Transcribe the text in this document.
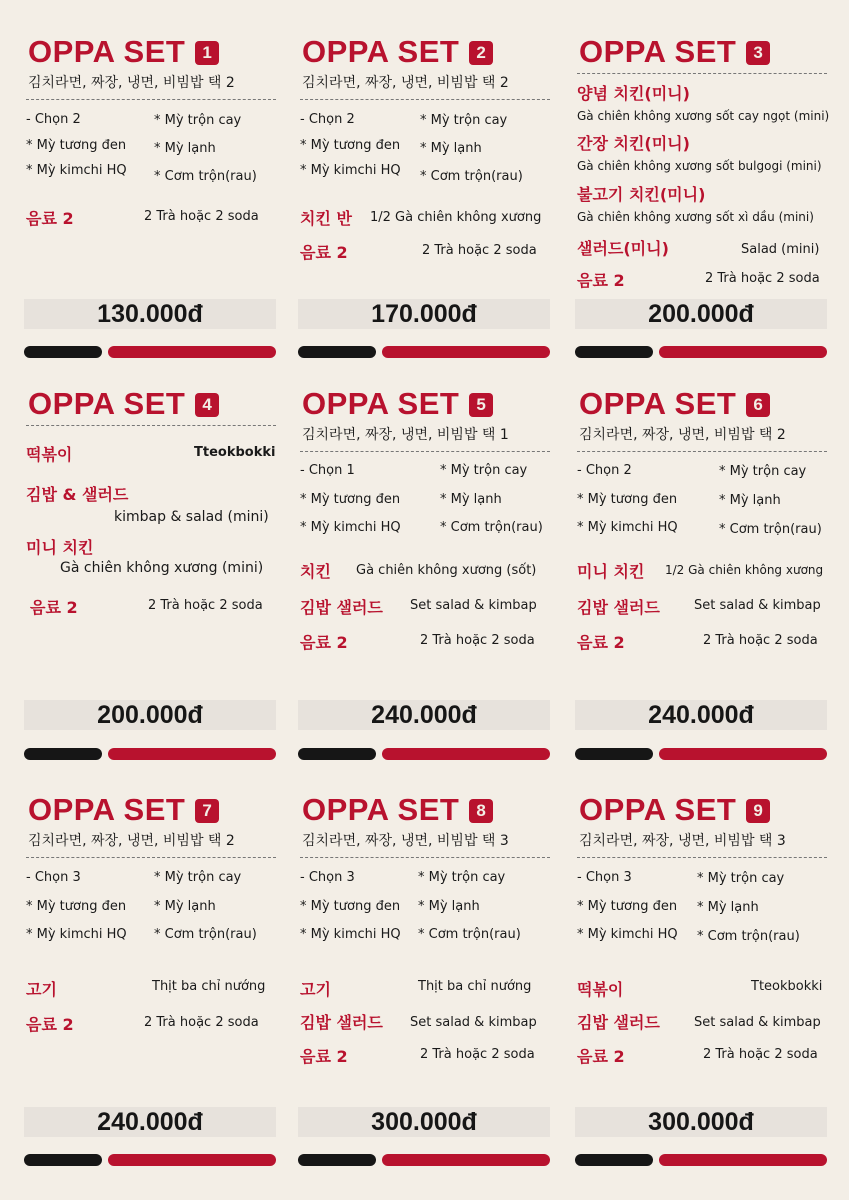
OPPA SET 1
김치라면, 짜장, 냉면, 비빔밥 택 2
- Chọn 2
* Mỳ tương đen
* Mỳ kimchi HQ
* Mỳ trộn cay
* Mỳ lạnh
* Cơm trộn(rau)
음료 2	2 Trà hoặc 2 soda
130.000đ
OPPA SET 2
김치라면, 짜장, 냉면, 비빔밥 택 2
- Chọn 2
* Mỳ tương đen
* Mỳ kimchi HQ
* Mỳ trộn cay
* Mỳ lạnh
* Cơm trộn(rau)
치킨 반 1/2 Gà chiên không xương
음료 2	2 Trà hoặc 2 soda
170.000đ
OPPA SET 3
양념 치킨(미니)
Gà chiên không xương sốt cay ngọt (mini)
간장 치킨(미니)
Gà chiên không xương sốt bulgogi (mini)
불고기 치킨(미니)
Gà chiên không xương sốt xì dầu (mini)
샐러드(미니)	Salad (mini)
음료 2	2 Trà hoặc 2 soda
200.000đ
OPPA SET 4
떡볶이	Tteokbokki
김밥 & 샐러드
kimbap & salad (mini)
미니 치킨
Gà chiên không xương (mini)
음료 2	2 Trà hoặc 2 soda
200.000đ
OPPA SET 5
김치라면, 짜장, 냉면, 비빔밥 택 1
- Chọn 1
* Mỳ tương đen
* Mỳ kimchi HQ
* Mỳ trộn cay
* Mỳ lạnh
* Cơm trộn(rau)
치킨 Gà chiên không xương (sốt)
김밥 샐러드 Set salad & kimbap
음료 2	2 Trà hoặc 2 soda
240.000đ
OPPA SET 6
김치라면, 짜장, 냉면, 비빔밥 택 2
- Chọn 2
* Mỳ tương đen
* Mỳ kimchi HQ
* Mỳ trộn cay
* Mỳ lạnh
* Cơm trộn(rau)
미니 치킨 1/2 Gà chiên không xương
김밥 샐러드	Set salad & kimbap
음료 2	2 Trà hoặc 2 soda
240.000đ
OPPA SET 7
김치라면, 짜장, 냉면, 비빔밥 택 2
- Chọn 3
* Mỳ tương đen
* Mỳ kimchi HQ
* Mỳ trộn cay
* Mỳ lạnh
* Cơm trộn(rau)
고기	Thịt ba chỉ nướng
음료 2	2 Trà hoặc 2 soda
240.000đ
OPPA SET 8
김치라면, 짜장, 냉면, 비빔밥 택 3
- Chọn 3
* Mỳ tương đen
* Mỳ kimchi HQ
* Mỳ trộn cay
* Mỳ lạnh
* Cơm trộn(rau)
고기	Thịt ba chỉ nướng
김밥 샐러드 Set salad & kimbap
음료 2	2 Trà hoặc 2 soda
300.000đ
OPPA SET 9
김치라면, 짜장, 냉면, 비빔밥 택 3
- Chọn 3
* Mỳ tương đen
* Mỳ kimchi HQ
* Mỳ trộn cay
* Mỳ lạnh
* Cơm trộn(rau)
떡볶이	Tteokbokki
김밥 샐러드	Set salad & kimbap
음료 2	2 Trà hoặc 2 soda
300.000đ
